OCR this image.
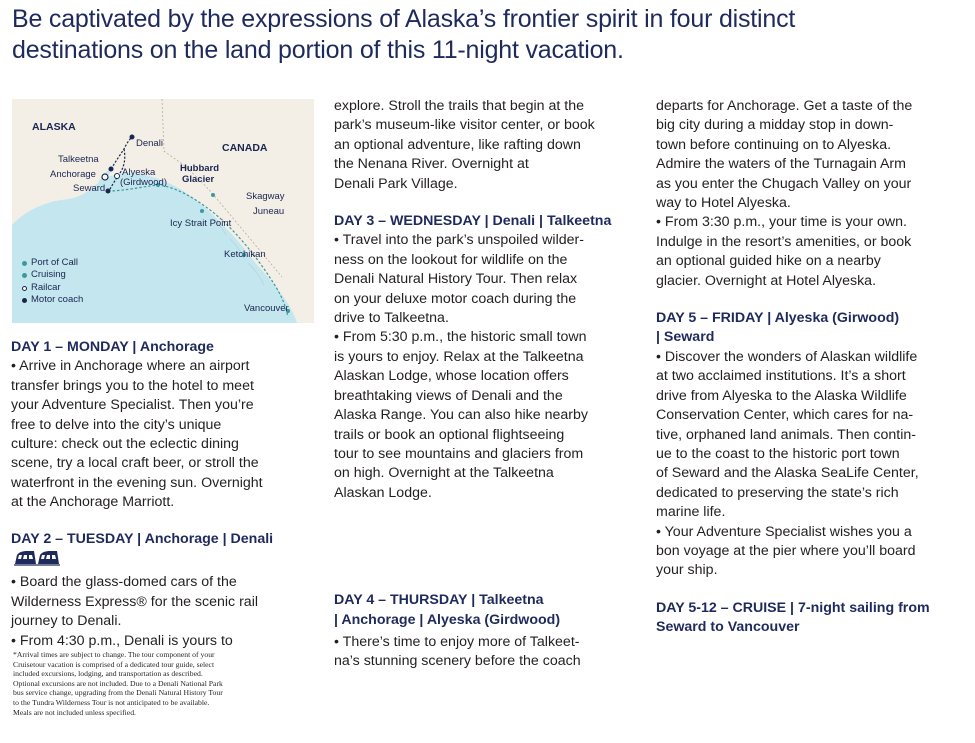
Be captivated by the expressions of Alaska’s frontier spirit in four distinct
destinations on the land portion of this 11-night vacation.
ALASKA
CANADA
Denali
Talkeetna
Anchorage	Alyeska
(Girdwood)
Seward
Hubbard
Glacier
Skagway
Juneau
Icy Strait Point
Ketchikan
Vancouver
Port of Call
Cruising
Railcar
Motor coach
DAY 1 – MONDAY | Anchorage

• Arrive in Anchorage where an airport

transfer brings you to the hotel to meet

your Adventure Specialist. Then you’re

free to delve into the city’s unique

culture: check out the eclectic dining

scene, try a local craft beer, or stroll the

waterfront in the evening sun. Overnight

at the Anchorage Marriott.

DAY 2 – TUESDAY | Anchorage | Denali

• Board the glass-domed cars of the

Wilderness Express® for the scenic rail

journey to Denali.

• From 4:30 p.m., Denali is yours to

explore. Stroll the trails that begin at the

park’s museum-like visitor center, or book

an optional adventure, like rafting down

the Nenana River. Overnight at

Denali Park Village.

DAY 3 – WEDNESDAY | Denali | Talkeetna

• Travel into the park’s unspoiled wilder-

ness on the lookout for wildlife on the

Denali Natural History Tour. Then relax

on your deluxe motor coach during the

drive to Talkeetna.

• From 5:30 p.m., the historic small town

is yours to enjoy. Relax at the Talkeetna

Alaskan Lodge, whose location offers

breathtaking views of Denali and the

Alaska Range. You can also hike nearby

trails or book an optional flightseeing

tour to see mountains and glaciers from

on high. Overnight at the Talkeetna

Alaskan Lodge.

DAY 4 – THURSDAY | Talkeetna
| Anchorage | Alyeska (Girdwood)

• There’s time to enjoy more of Talkeet-

na’s stunning scenery before the coach

departs for Anchorage. Get a taste of the

big city during a midday stop in down-

town before continuing on to Alyeska.

Admire the waters of the Turnagain Arm

as you enter the Chugach Valley on your

way to Hotel Alyeska.

• From 3:30 p.m., your time is your own.

Indulge in the resort’s amenities, or book

an optional guided hike on a nearby

glacier. Overnight at Hotel Alyeska.

DAY 5 – FRIDAY | Alyeska (Girwood)
| Seward

• Discover the wonders of Alaskan wildlife

at two acclaimed institutions. It’s a short

drive from Alyeska to the Alaska Wildlife

Conservation Center, which cares for na-

tive, orphaned land animals. Then contin-

ue to the coast to the historic port town

of Seward and the Alaska SeaLife Center,

dedicated to preserving the state’s rich

marine life.

• Your Adventure Specialist wishes you a

bon voyage at the pier where you’ll board

your ship.

DAY 5-12 – CRUISE | 7-night sailing from
Seward to Vancouver
*Arrival times are subject to change. The tour component of your
Cruisetour vacation is comprised of a dedicated tour guide, select
included excursions, lodging, and transportation as described.
Optional excursions are not included. Due to a Denali National Park
bus service change, upgrading from the Denali Natural History Tour
to the Tundra Wilderness Tour is not anticipated to be available.
Meals are not included unless specified.
